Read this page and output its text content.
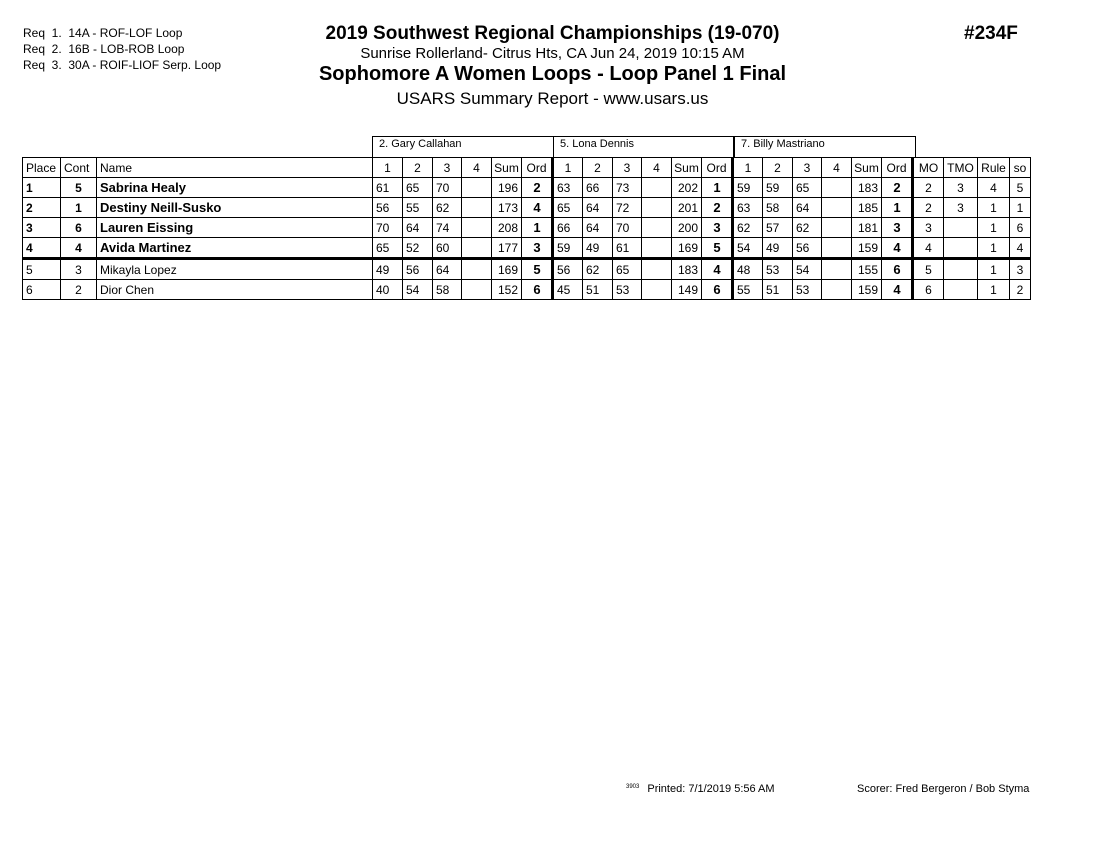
Req  1.  14A - ROF-LOF Loop
Req  2.  16B - LOB-ROB Loop
Req  3.  30A - ROIF-LIOF Serp. Loop
2019 Southwest Regional Championships (19-070)
Sunrise Rollerland- Citrus Hts, CA Jun 24, 2019 10:15 AM
Sophomore A Women Loops - Loop Panel 1 Final
USARS Summary Report - www.usars.us
#234F
2. Gary Callahan	5. Lona Dennis	7. Billy Mastriano
Place	Cont	Name	1	2	3	4	Sum	Ord	1	2	3	4	Sum	Ord	1	2	3	4	Sum	Ord	MO	TMO	Rule	so
1	5	Sabrina Healy	61	65	70		196	2	63	66	73		202	1	59	59	65		183	2	2	3	4	5
2	1	Destiny Neill-Susko	56	55	62		173	4	65	64	72		201	2	63	58	64		185	1	2	3	1	1
3	6	Lauren Eissing	70	64	74		208	1	66	64	70		200	3	62	57	62		181	3	3		1	6
4	4	Avida Martinez	65	52	60		177	3	59	49	61		169	5	54	49	56		159	4	4		1	4
5	3	Mikayla Lopez	49	56	64		169	5	56	62	65		183	4	48	53	54		155	6	5		1	3
6	2	Dior Chen	40	54	58		152	6	45	51	53		149	6	55	51	53		159	4	6		1	2
$^{3903}$ Printed: 7/1/2019 5:56 AM	Scorer: Fred Bergeron / Bob Styma
